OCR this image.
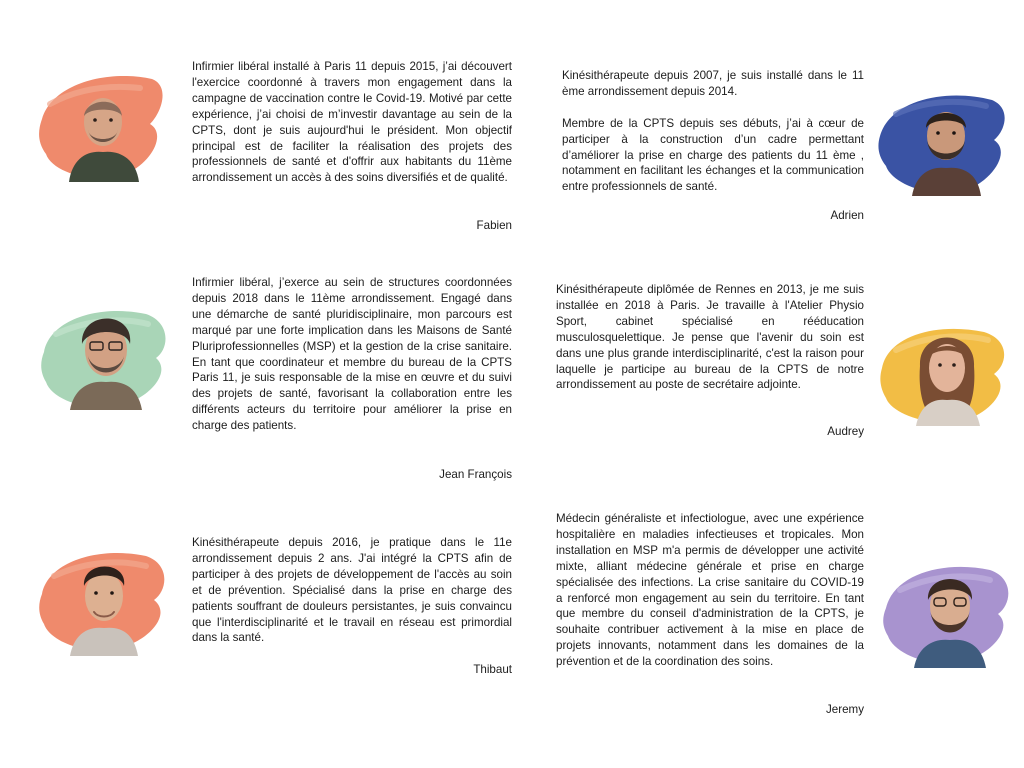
Infirmier libéral installé à Paris 11 depuis 2015, j’ai découvert l'exercice coordonné à travers mon engagement dans la campagne de vaccination contre le Covid-19. Motivé par cette expérience, j’ai choisi de m’investir davantage au sein de la CPTS, dont je suis aujourd'hui le président. Mon objectif principal est de faciliter la réalisation des projets des professionnels de santé et d'offrir aux habitants du 11ème arrondissement un accès à des soins diversifiés et de qualité.

Fabien

Kinésithérapeute depuis 2007, je suis installé dans le 11 ème arrondissement depuis 2014.

Membre de la CPTS depuis ses débuts, j’ai à cœur de participer à la construction d’un cadre permettant d’améliorer la prise en charge des patients du 11 ème , notamment en facilitant les échanges et la communication entre professionnels de santé.

Adrien

Infirmier libéral, j’exerce au sein de structures coordonnées depuis 2018 dans le 11ème arrondissement. Engagé dans une démarche de santé pluridisciplinaire, mon parcours est marqué par une forte implication dans les Maisons de Santé Pluriprofessionnelles (MSP) et la gestion de la crise sanitaire. En tant que coordinateur et membre du bureau de la CPTS Paris 11, je suis responsable de la mise en œuvre et du suivi des projets de santé, favorisant la collaboration entre les différents acteurs du territoire pour améliorer la prise en charge des patients.

Jean François

Kinésithérapeute diplômée de Rennes en 2013, je me suis installée en 2018 à Paris. Je travaille à l'Atelier Physio Sport, cabinet spécialisé en rééducation musculosquelettique. Je pense que l'avenir du soin est dans une plus grande interdisciplinarité, c'est la raison pour laquelle je participe au bureau de la CPTS de notre arrondissement au poste de secrétaire adjointe.

Audrey

Kinésithérapeute depuis 2016, je pratique dans le 11e arrondissement depuis 2 ans. J'ai intégré la CPTS afin de participer à des projets de développement de l'accès au soin et de prévention. Spécialisé dans la prise en charge des patients souffrant de douleurs persistantes, je suis convaincu que l'interdisciplinarité et le travail en réseau est primordial dans la santé.

Thibaut

Médecin généraliste et infectiologue, avec une expérience hospitalière en maladies infectieuses et tropicales. Mon installation en MSP m'a permis de développer une activité mixte, alliant médecine générale et prise en charge spécialisée des infections. La crise sanitaire du COVID-19 a renforcé mon engagement au sein du territoire. En tant que membre du conseil d'administration de la CPTS, je souhaite contribuer activement à la mise en place de projets innovants, notamment dans les domaines de la prévention et de la coordination des soins.

Jeremy
